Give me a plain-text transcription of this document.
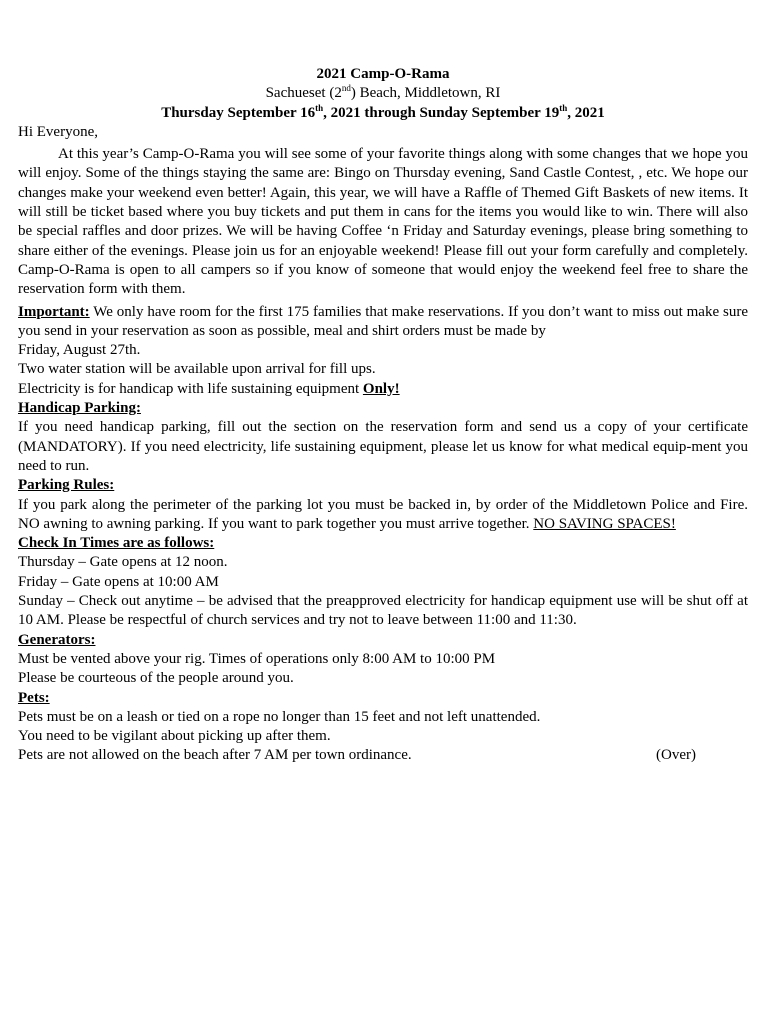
2021 Camp-O-Rama
Sachueset (2nd) Beach, Middletown, RI
Thursday September 16th, 2021 through Sunday September 19th, 2021
Hi Everyone,
At this year’s Camp-O-Rama you will see some of your favorite things along with some changes that we hope you will enjoy. Some of the things staying the same are: Bingo on Thursday evening, Sand Castle Contest, , etc. We hope our changes make your weekend even better! Again, this year, we will have a Raffle of Themed Gift Baskets of new items. It will still be ticket based where you buy tickets and put them in cans for the items you would like to win. There will also be special raffles and door prizes. We will be having Coffee ‘n Friday and Saturday evenings, please bring something to share either of the evenings. Please join us for an enjoyable weekend! Please fill out your form carefully and completely. Camp-O-Rama is open to all campers so if you know of someone that would enjoy the weekend feel free to share the reservation form with them.
Important: We only have room for the first 175 families that make reservations. If you don’t want to miss out make sure you send in your reservation as soon as possible, meal and shirt orders must be made by
Friday, August 27th.
Two water station will be available upon arrival for fill ups.
Electricity is for handicap with life sustaining equipment Only!
Handicap Parking:
If you need handicap parking, fill out the section on the reservation form and send us a copy of your certificate (MANDATORY). If you need electricity, life sustaining equipment, please let us know for what medical equip-ment you need to run.
Parking Rules:
If you park along the perimeter of the parking lot you must be backed in, by order of the Middletown Police and Fire. NO awning to awning parking. If you want to park together you must arrive together. NO SAVING SPACES!
Check In Times are as follows:
Thursday – Gate opens at 12 noon.
Friday – Gate opens at 10:00 AM
Sunday – Check out anytime – be advised that the preapproved electricity for handicap equipment use will be shut off at 10 AM. Please be respectful of church services and try not to leave between 11:00 and 11:30.
Generators:
Must be vented above your rig. Times of operations only 8:00 AM to 10:00 PM
Please be courteous of the people around you.
Pets:
Pets must be on a leash or tied on a rope no longer than 15 feet and not left unattended.
You need to be vigilant about picking up after them.
Pets are not allowed on the beach after 7 AM per town ordinance.	(Over)
